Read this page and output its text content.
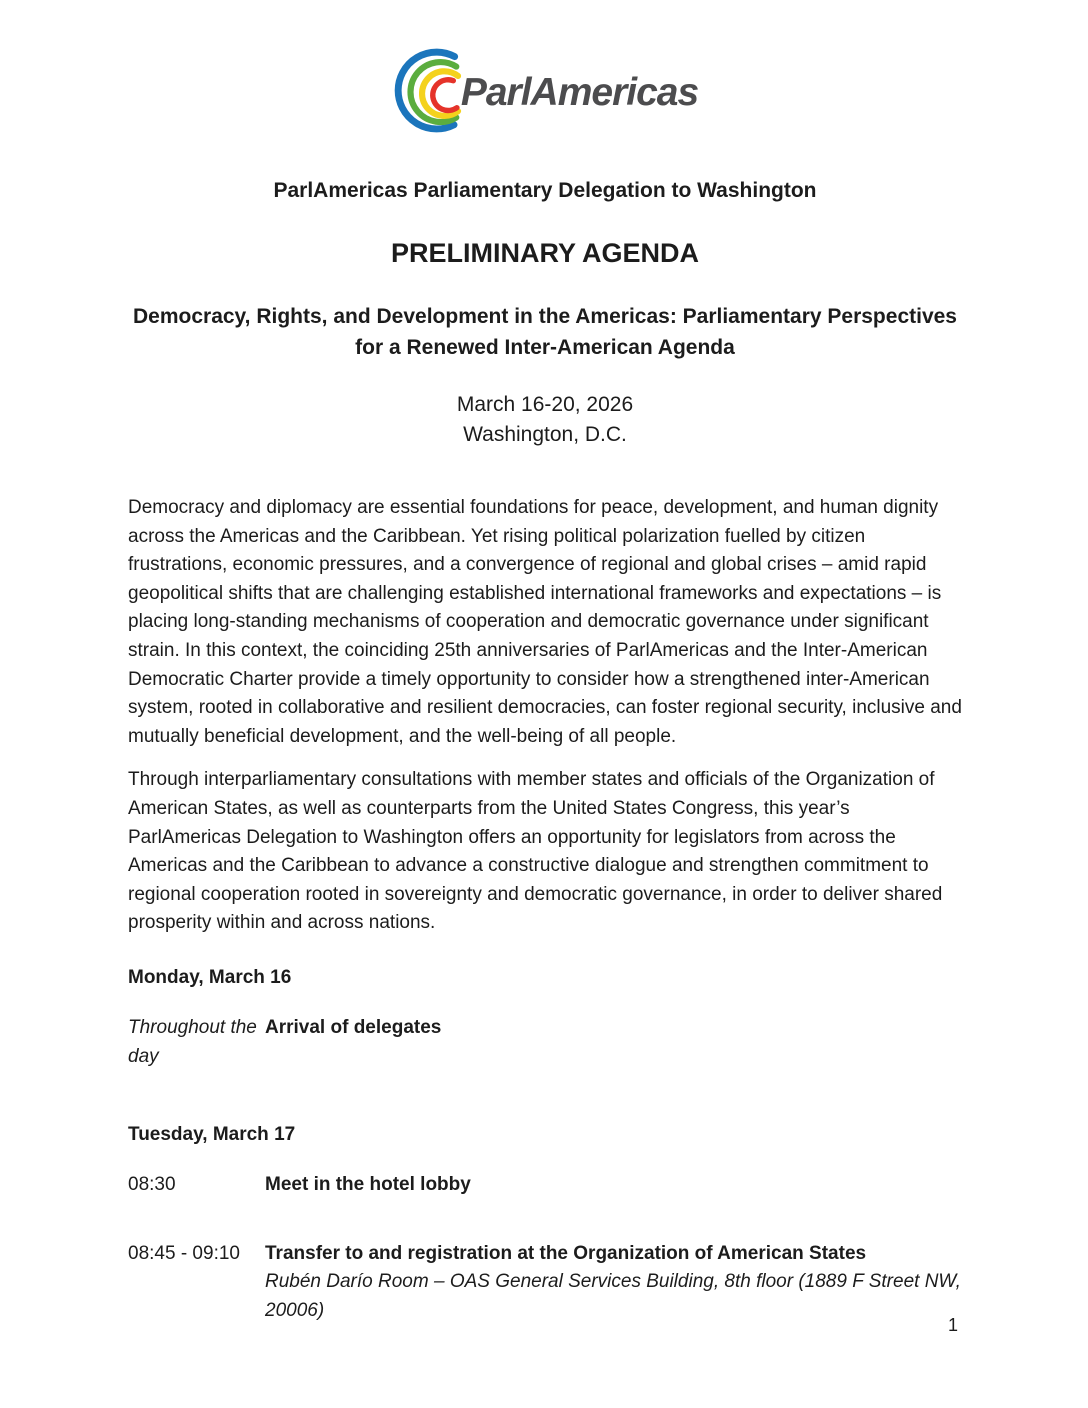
ParlAmericas
ParlAmericas Parliamentary Delegation to Washington
PRELIMINARY AGENDA
Democracy, Rights, and Development in the Americas: Parliamentary Perspectives for a Renewed Inter-American Agenda

March 16-20, 2026

Washington, D.C.

Democracy and diplomacy are essential foundations for peace, development, and human dignity across the Americas and the Caribbean. Yet rising political polarization fuelled by citizen frustrations, economic pressures, and a convergence of regional and global crises – amid rapid geopolitical shifts that are challenging established international frameworks and expectations – is placing long-standing mechanisms of cooperation and democratic governance under significant strain. In this context, the coinciding 25th anniversaries of ParlAmericas and the Inter-American Democratic Charter provide a timely opportunity to consider how a strengthened inter-American system, rooted in collaborative and resilient democracies, can foster regional security, inclusive and mutually beneficial development, and the well-being of all people.

Through interparliamentary consultations with member states and officials of the Organization of American States, as well as counterparts from the United States Congress, this year’s ParlAmericas Delegation to Washington offers an opportunity for legislators from across the Americas and the Caribbean to advance a constructive dialogue and strengthen commitment to regional cooperation rooted in sovereignty and democratic governance, in order to deliver shared prosperity within and across nations.

Monday, March 16
Throughout the day
Arrival of delegates
Tuesday, March 17
08:30	Meet in the hotel lobby
08:45 - 09:10	Transfer to and registration at the Organization of American States
Rubén Darío Room – OAS General Services Building, 8th floor (1889 F Street NW, 20006)
1
